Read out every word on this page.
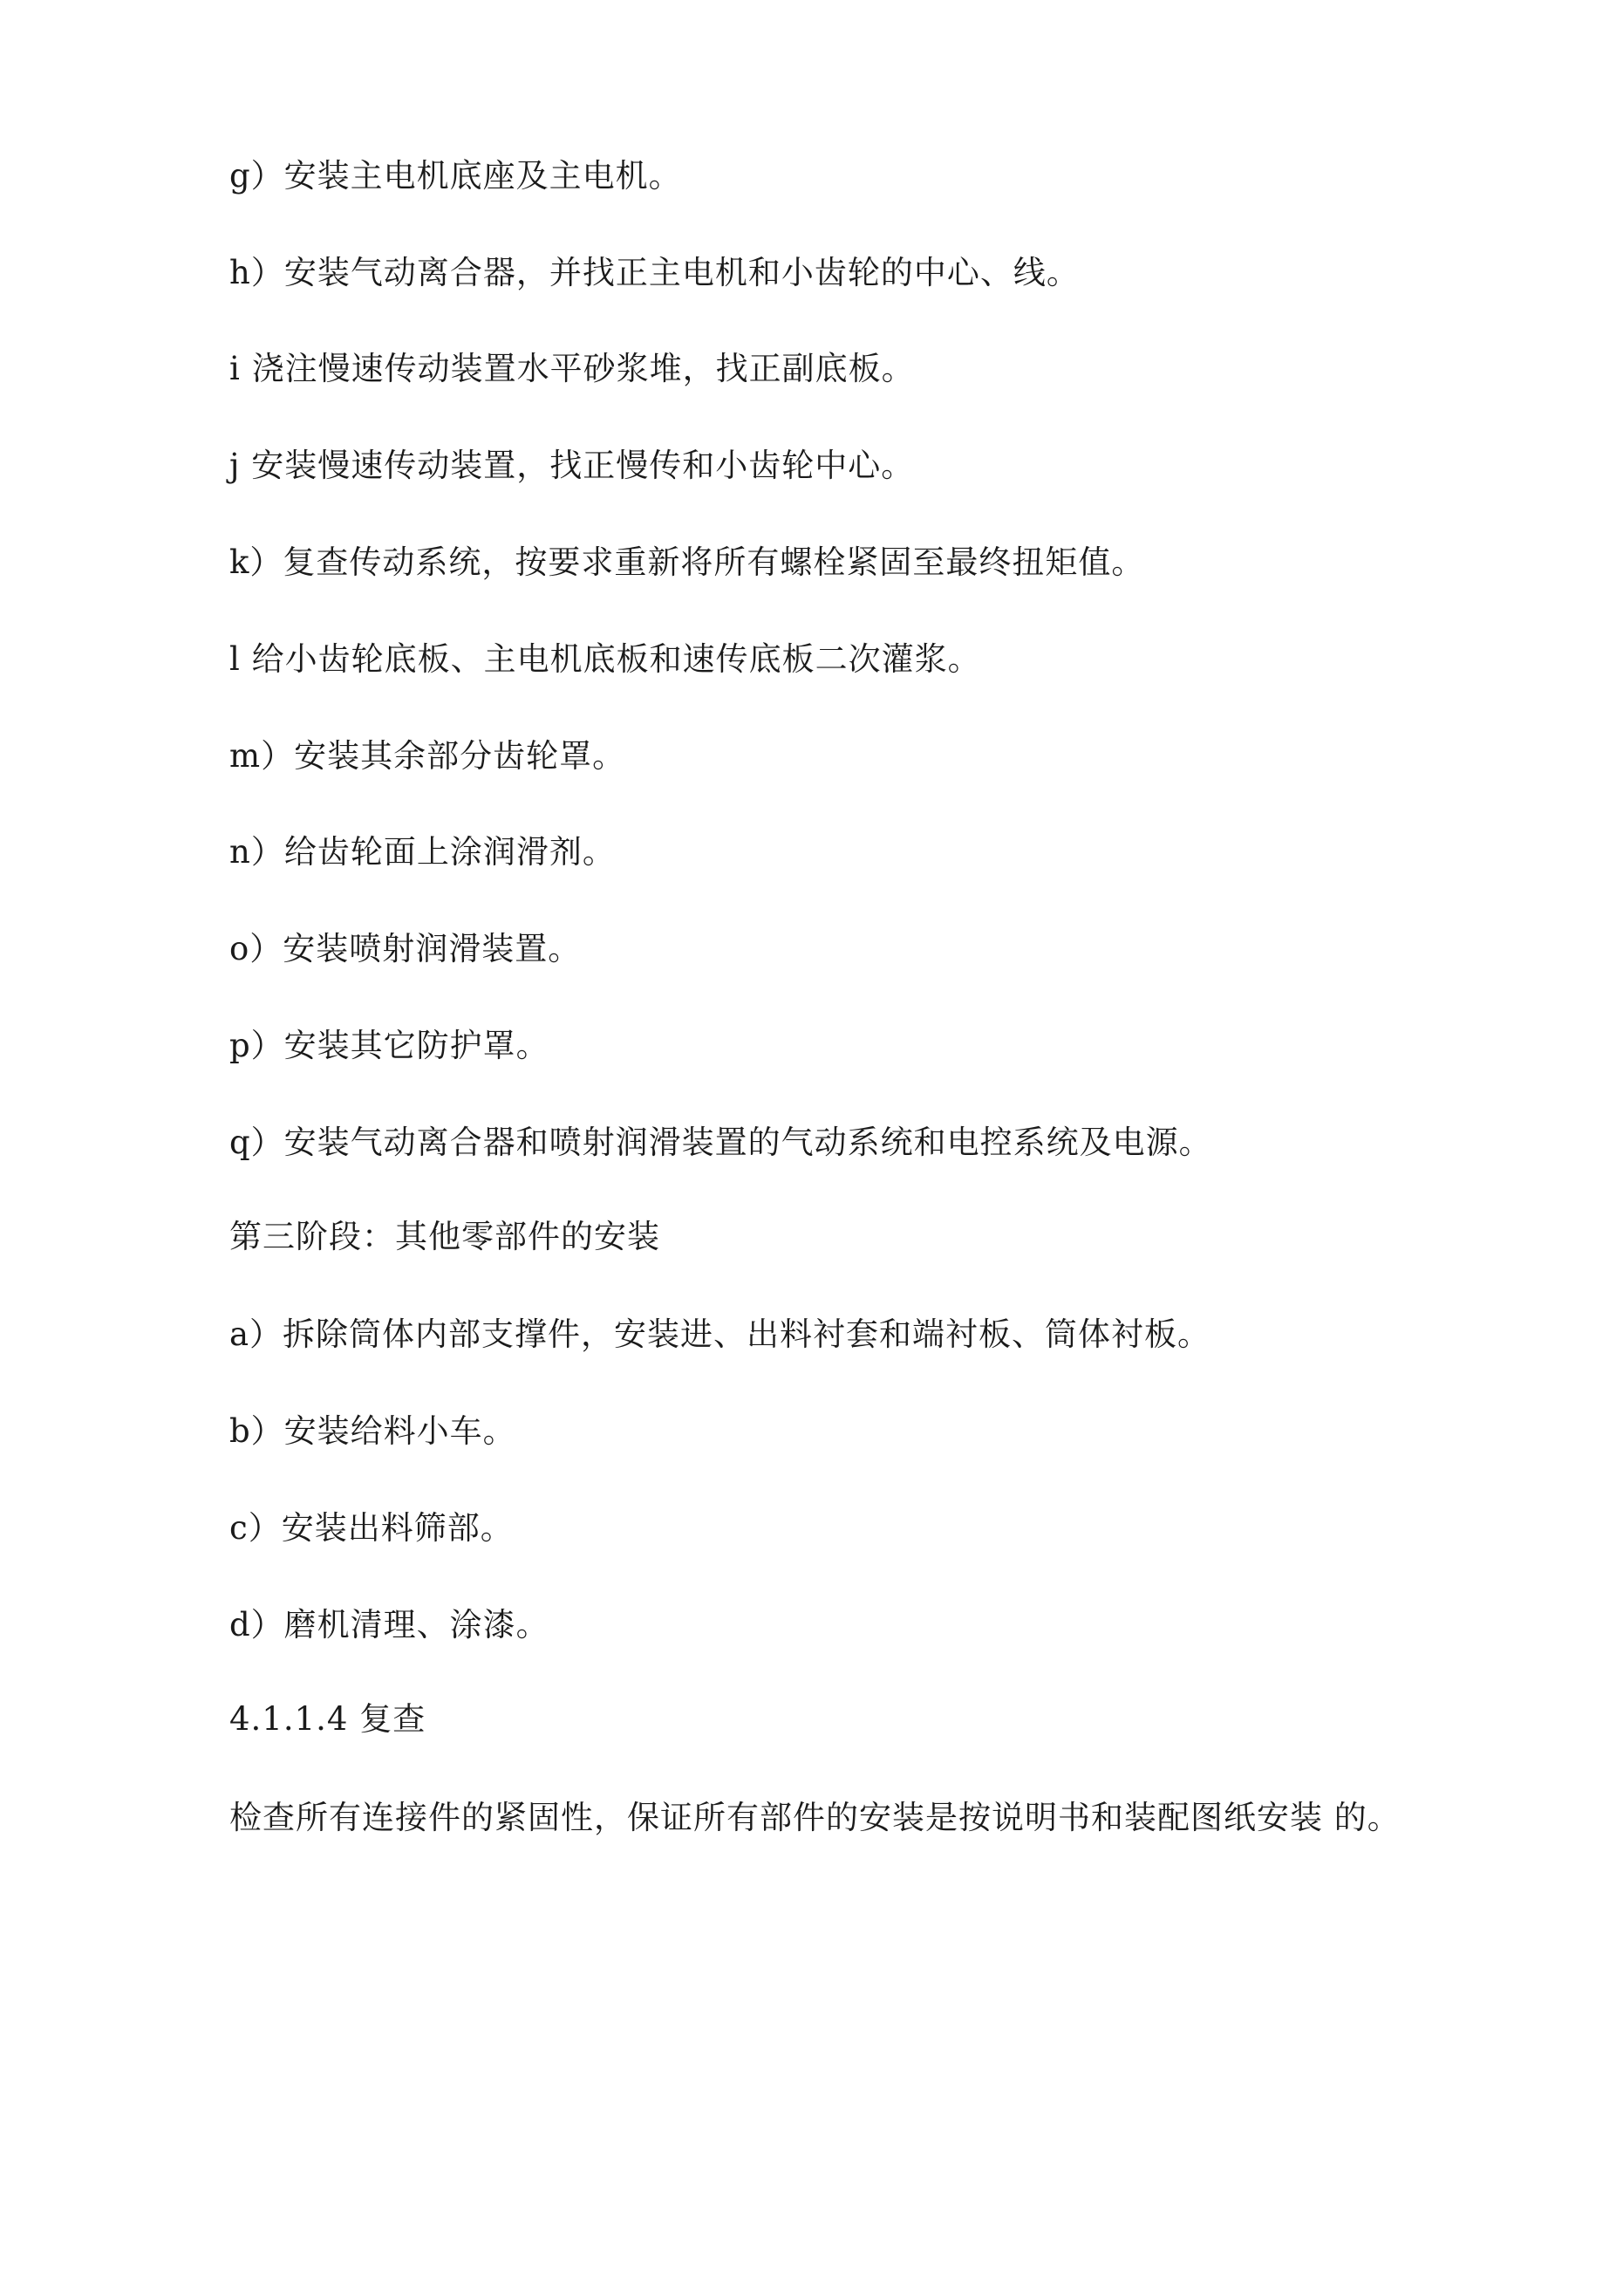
g）安装主电机底座及主电机。
h）安装气动离合器，并找正主电机和小齿轮的中心、线。
i 浇注慢速传动装置水平砂浆堆，找正副底板。
j 安装慢速传动装置，找正慢传和小齿轮中心。
k）复查传动系统，按要求重新将所有螺栓紧固至最终扭矩值。
l 给小齿轮底板、主电机底板和速传底板二次灌浆。
m）安装其余部分齿轮罩。
n）给齿轮面上涂润滑剂。
o）安装喷射润滑装置。
p）安装其它防护罩。
q）安装气动离合器和喷射润滑装置的气动系统和电控系统及电源。
第三阶段：其他零部件的安装
a）拆除筒体内部支撑件，安装进、出料衬套和端衬板、筒体衬板。
b）安装给料小车。
c）安装出料筛部。
d）磨机清理、涂漆。
4.1.1.4 复查
检查所有连接件的紧固性，保证所有部件的安装是按说明书和装配图纸安装 的。
